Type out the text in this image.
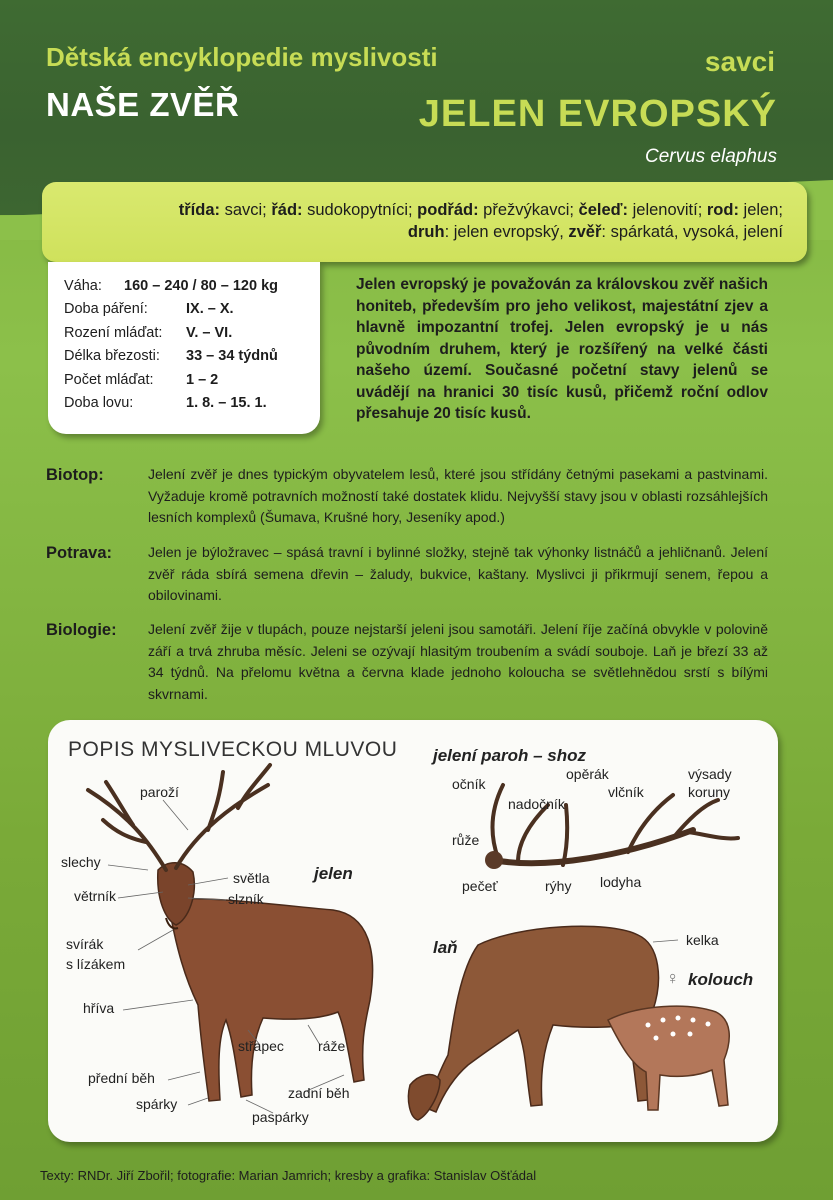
Dětská encyklopedie myslivosti
NAŠE ZVĚŘ
savci
JELEN EVROPSKÝ
Cervus elaphus
třída: savci; řád: sudokopytníci; podřád: přežvýkavci; čeleď: jelenovití; rod: jelen;
druh: jelen evropský, zvěř: spárkatá, vysoká, jelení
Váha:	160 – 240 / 80 – 120 kg
Doba páření:	IX. – X.
Rození mláďat:	V. – VI.
Délka březosti:	33 – 34 týdnů
Počet mláďat:	1 – 2
Doba lovu:	1. 8. – 15. 1.
Jelen evropský je považován za královskou zvěř našich honiteb, především pro jeho velikost, majestátní zjev a hlavně impozantní trofej. Jelen evropský je u nás původním druhem, který je rozšířený na velké části našeho území. Současné početní stavy jelenů se uvádějí na hranici 30 tisíc kusů, přičemž roční odlov přesahuje 20 tisíc kusů.
Biotop:	Jelení zvěř je dnes typickým obyvatelem lesů, které jsou střídány četnými pasekami a pastvinami. Vyžaduje kromě potravních možností také dostatek klidu. Nejvyšší stavy jsou v oblasti rozsáhlejších lesních komplexů (Šumava, Krušné hory, Jeseníky apod.)
Potrava:	Jelen je býložravec – spásá travní i bylinné složky, stejně tak výhonky listnáčů a jehličnanů. Jelení zvěř ráda sbírá semena dřevin – žaludy, bukvice, kaštany. Myslivci ji přikrmují senem, řepou a obilovinami.
Biologie:	Jelení zvěř žije v tlupách, pouze nejstarší jeleni jsou samotáři. Jelení říje začíná obvykle v polovině září a trvá zhruba měsíc. Jeleni se ozývají hlasitým troubením a svádí souboje. Laň je březí 33 až 34 týdnů. Na přelomu května a června klade jednoho kolouchа se světlehnědou srstí s bílými skvrnami.
POPIS MYSLIVECKOU MLUVOU jelení paroh – shoz
jelen
laň
♀ kolouch
paroží
slechy
větrník
světla
slzník
svírák
s lízákem
hříva
střapec ráže
přední běh
zadní běh
spárky
paspárky
očník
opěrák
nadočník
vlčník
výsady
koruny
růže
pečeť	rýhy lodyha
kelka
Texty: RNDr. Jiří Zbořil; fotografie: Marian Jamrich; kresby a grafika: Stanislav Ošťádal
